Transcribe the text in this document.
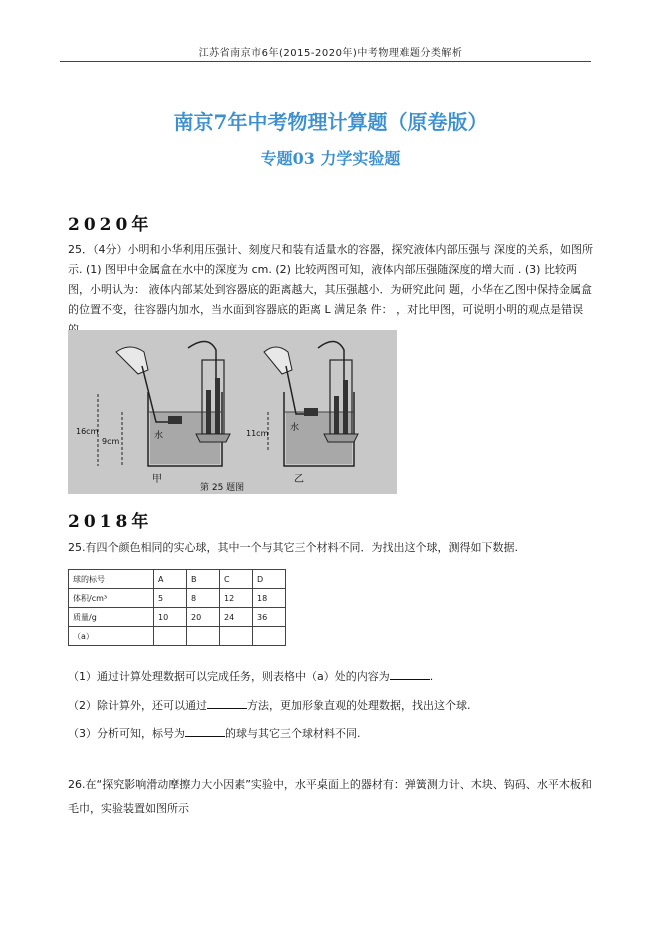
江苏省南京市6年(2015-2020年)中考物理难题分类解析
南京7年中考物理计算题（原卷版）
专题03 力学实验题
2020年
25．（4分）小明和小华利用压强计、刻度尺和装有适量水的容器，探究液体内部压强与 深度的关系，如图所示. (1) 图甲中金属盒在水中的深度为 cm. (2) 比较两图可知，液体内部压强随深度的增大而 . (3) 比较两图，小明认为： 液体内部某处到容器底的距离越大，其压强越小．为研究此问 题，小华在乙图中保持金属盒的位置不变，往容器内加水，当水面到容器底的距离 L 满足条 件： ，对比甲图，可说明小明的观点是错误
16cm
9cm
水
甲
11cm
水
乙
第 25 题图
2018年
25.有四个颜色相同的实心球，其中一个与其它三个材料不同．为找出这个球，测得如下数据.
球的标号	A	B	C	D
体积/cm³	5	8	12	18
质量/g	10	20	24	36
（a）				
（1）通过计算处理数据可以完成任务，则表格中（a）处的内容为	.
（2）除计算外，还可以通过	方法，更加形象直观的处理数据，找出这个球.
（3）分析可知，标号为	的球与其它三个球材料不同.
26.在“探究影响滑动摩擦力大小因素”实验中，水平桌面上的器材有：弹簧测力计、木块、钩码、水平木板和毛巾，实验装置如图所示
